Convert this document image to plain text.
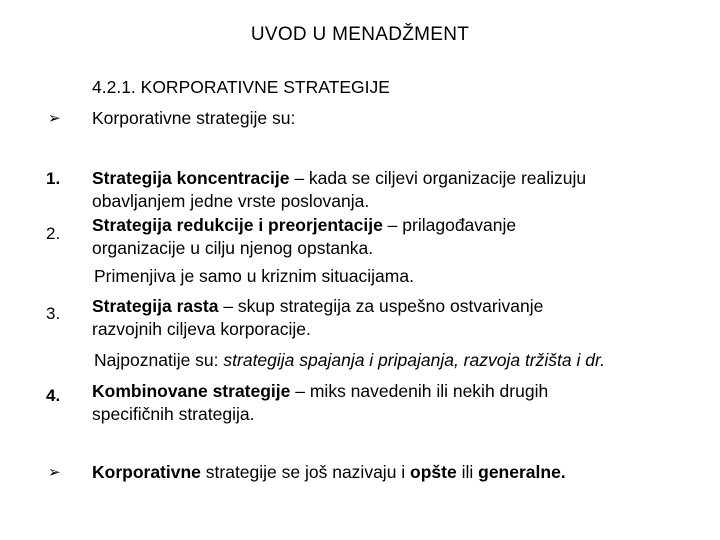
UVOD U MENADŽMENT
4.2.1. KORPORATIVNE STRATEGIJE
➢ Korporativne strategije su:
1. Strategija koncentracije – kada se ciljevi organizacije realizuju
obavljanjem jedne vrste poslovanja.
2. Strategija redukcije i preorjentacije – prilagođavanje
organizacije u cilju njenog opstanka.
Primenjiva je samo u kriznim situacijama.
3. Strategija rasta – skup strategija za uspešno ostvarivanje
razvojnih ciljeva korporacije.
Najpoznatije su: strategija spajanja i pripajanja, razvoja tržišta i dr.
4. Kombinovane strategije – miks navedenih ili nekih drugih
specifičnih strategija.
➢ Korporativne strategije se još nazivaju i opšte ili generalne.
